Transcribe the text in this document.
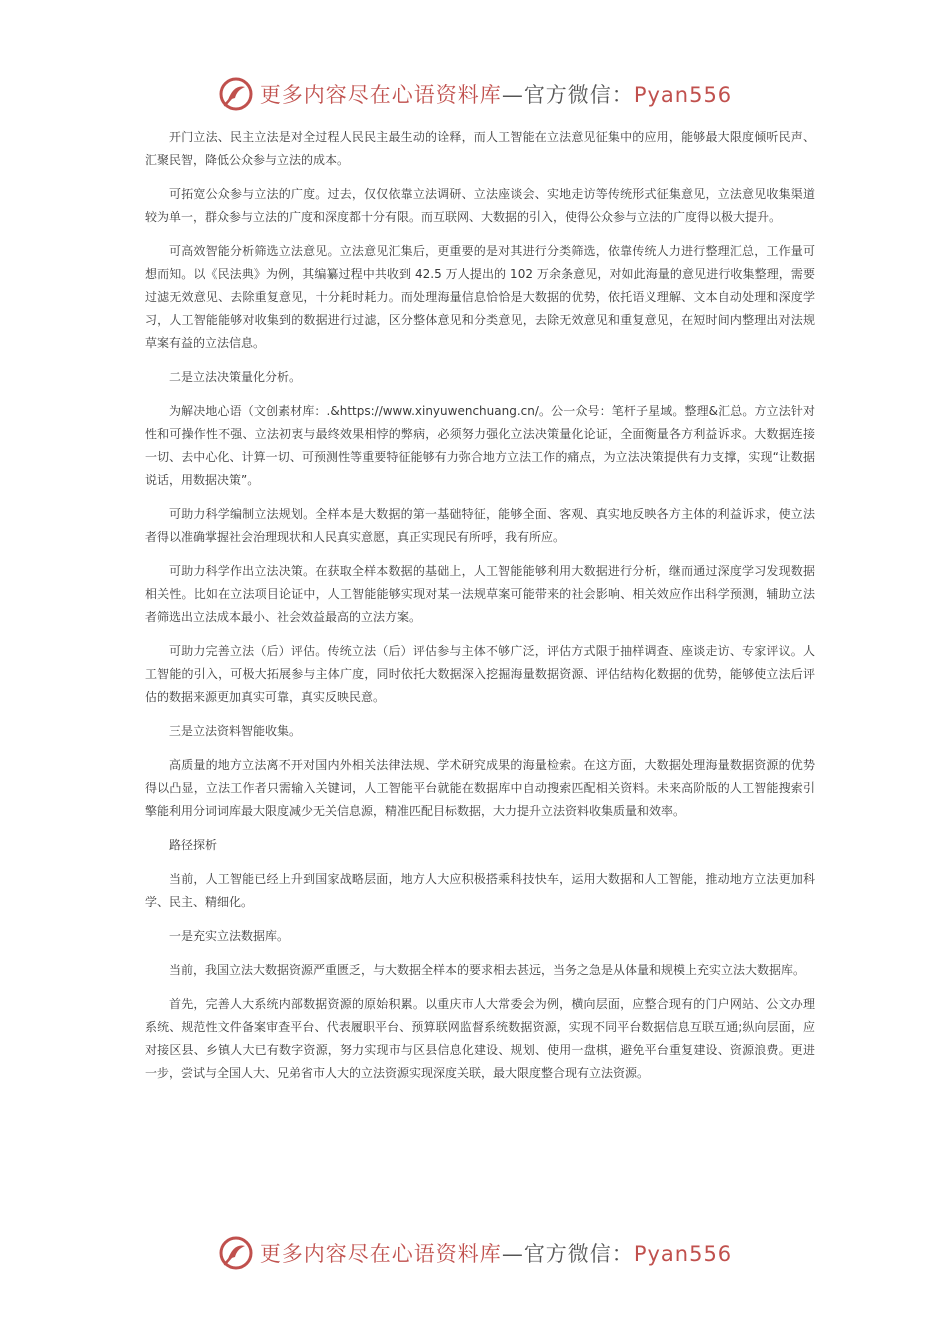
更多内容尽在心语资料库—官方微信：Pyan556

开门立法、民主立法是对全过程人民民主最生动的诠释，而人工智能在立法意见征集中的应用，能够最大限度倾听民声、汇聚民智，降低公众参与立法的成本。

可拓宽公众参与立法的广度。过去，仅仅依靠立法调研、立法座谈会、实地走访等传统形式征集意见，立法意见收集渠道较为单一，群众参与立法的广度和深度都十分有限。而互联网、大数据的引入，使得公众参与立法的广度得以极大提升。

可高效智能分析筛选立法意见。立法意见汇集后，更重要的是对其进行分类筛选，依靠传统人力进行整理汇总，工作量可想而知。以《民法典》为例，其编纂过程中共收到 42.5 万人提出的 102 万余条意见，对如此海量的意见进行收集整理，需要过滤无效意见、去除重复意见，十分耗时耗力。而处理海量信息恰恰是大数据的优势，依托语义理解、文本自动处理和深度学习，人工智能能够对收集到的数据进行过滤，区分整体意见和分类意见，去除无效意见和重复意见，在短时间内整理出对法规草案有益的立法信息。

二是立法决策量化分析。

为解决地心语（文创素材库：.&https://www.xinyuwenchuang.cn/。公一众号：笔杆子星域。整理&汇总。方立法针对性和可操作性不强、立法初衷与最终效果相悖的弊病，必须努力强化立法决策量化论证，全面衡量各方利益诉求。大数据连接一切、去中心化、计算一切、可预测性等重要特征能够有力弥合地方立法工作的痛点，为立法决策提供有力支撑，实现“让数据说话，用数据决策”。

可助力科学编制立法规划。全样本是大数据的第一基础特征，能够全面、客观、真实地反映各方主体的利益诉求，使立法者得以准确掌握社会治理现状和人民真实意愿，真正实现民有所呼，我有所应。

可助力科学作出立法决策。在获取全样本数据的基础上，人工智能能够利用大数据进行分析，继而通过深度学习发现数据相关性。比如在立法项目论证中，人工智能能够实现对某一法规草案可能带来的社会影响、相关效应作出科学预测，辅助立法者筛选出立法成本最小、社会效益最高的立法方案。

可助力完善立法（后）评估。传统立法（后）评估参与主体不够广泛，评估方式限于抽样调查、座谈走访、专家评议。人工智能的引入，可极大拓展参与主体广度，同时依托大数据深入挖掘海量数据资源、评估结构化数据的优势，能够使立法后评估的数据来源更加真实可靠，真实反映民意。

三是立法资料智能收集。

高质量的地方立法离不开对国内外相关法律法规、学术研究成果的海量检索。在这方面，大数据处理海量数据资源的优势得以凸显，立法工作者只需输入关键词，人工智能平台就能在数据库中自动搜索匹配相关资料。未来高阶版的人工智能搜索引擎能利用分词词库最大限度减少无关信息源，精准匹配目标数据，大力提升立法资料收集质量和效率。

路径探析

当前，人工智能已经上升到国家战略层面，地方人大应积极搭乘科技快车，运用大数据和人工智能，推动地方立法更加科学、民主、精细化。

一是充实立法数据库。

当前，我国立法大数据资源严重匮乏，与大数据全样本的要求相去甚远，当务之急是从体量和规模上充实立法大数据库。

首先，完善人大系统内部数据资源的原始积累。以重庆市人大常委会为例，横向层面，应整合现有的门户网站、公文办理系统、规范性文件备案审查平台、代表履职平台、预算联网监督系统数据资源，实现不同平台数据信息互联互通;纵向层面，应对接区县、乡镇人大已有数字资源，努力实现市与区县信息化建设、规划、使用一盘棋，避免平台重复建设、资源浪费。更进一步，尝试与全国人大、兄弟省市人大的立法资源实现深度关联，最大限度整合现有立法资源。

更多内容尽在心语资料库—官方微信：Pyan556
